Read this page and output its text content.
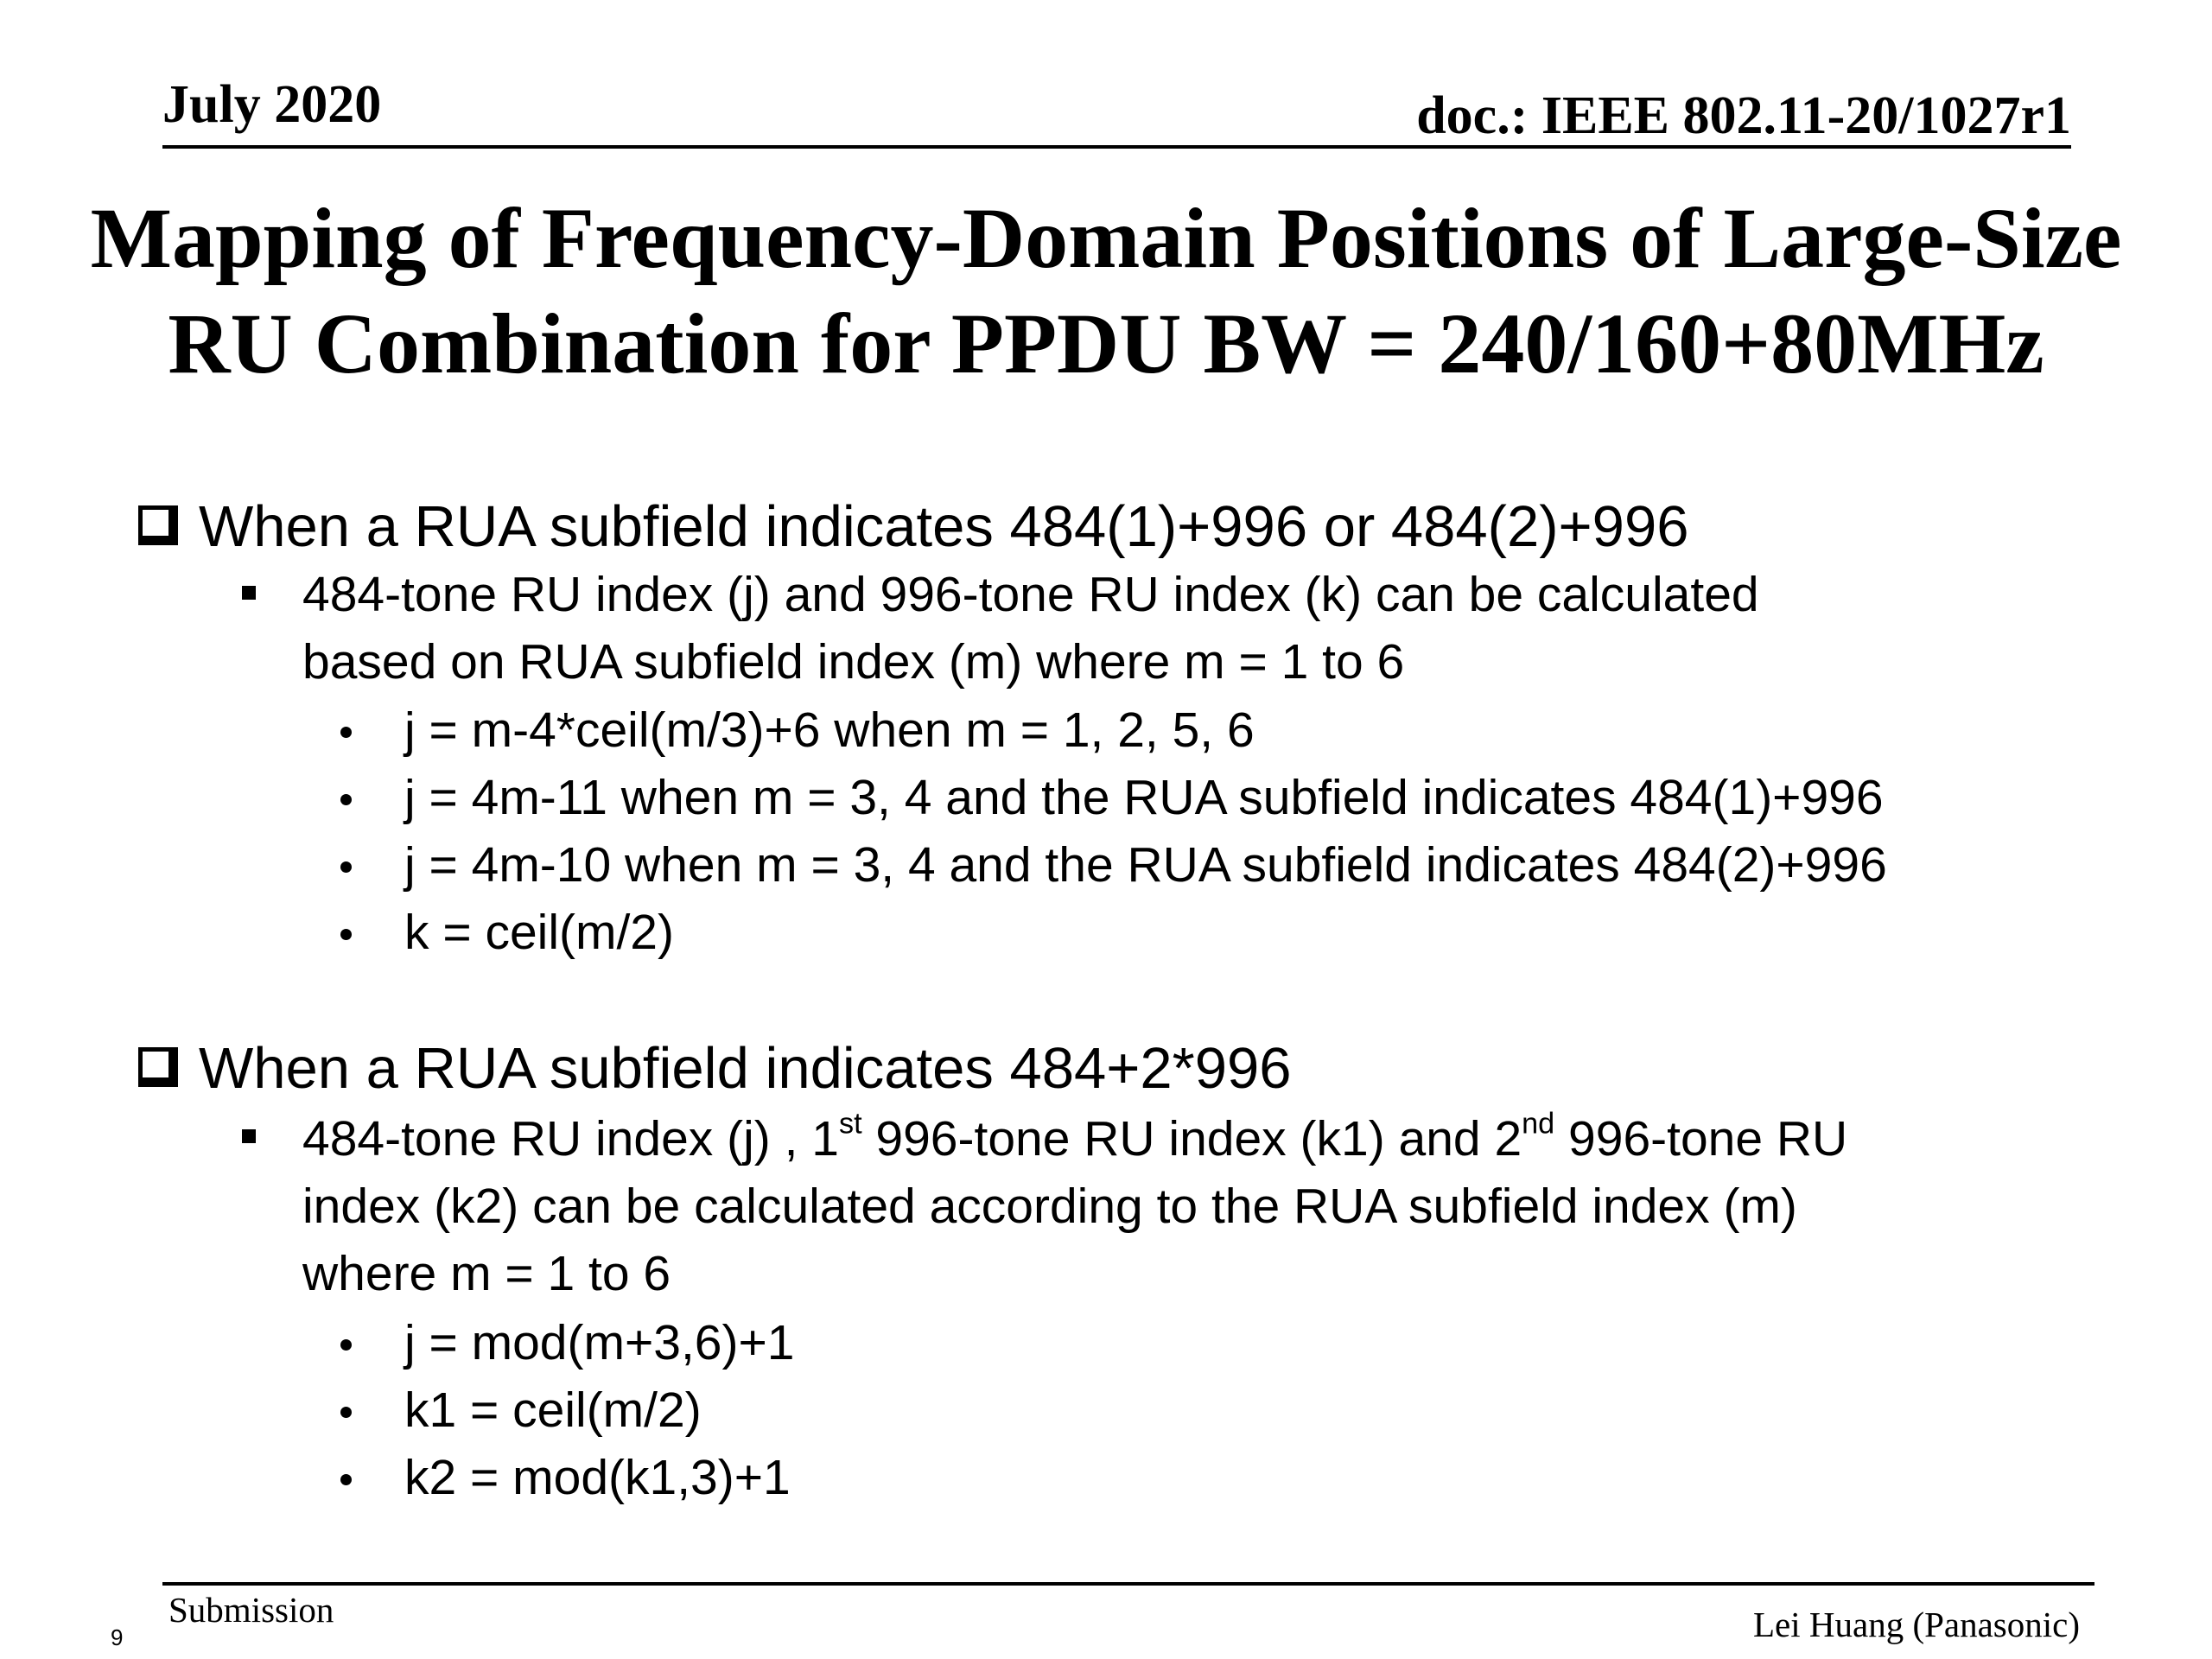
July 2020	doc.: IEEE 802.11-20/1027r1
Mapping of Frequency-Domain Positions of Large-Size
RU Combination for PPDU BW = 240/160+80MHz
When a RUA subfield indicates 484(1)+996 or 484(2)+996
484-tone RU index (j) and 996-tone RU index (k) can be calculated
based on RUA subfield index (m) where m = 1 to 6
j = m-4*ceil(m/3)+6 when m = 1, 2, 5, 6
j = 4m-11 when m = 3, 4 and the RUA subfield indicates 484(1)+996
j = 4m-10 when m = 3, 4 and the RUA subfield indicates 484(2)+996
k = ceil(m/2)
When a RUA subfield indicates 484+2*996
484-tone RU index (j) , 1st 996-tone RU index (k1) and 2nd 996-tone RU
index (k2) can be calculated according to the RUA subfield index (m)
where m = 1 to 6
j = mod(m+3,6)+1
k1 = ceil(m/2)
k2 = mod(k1,3)+1
Submission	Lei Huang (Panasonic)
9
